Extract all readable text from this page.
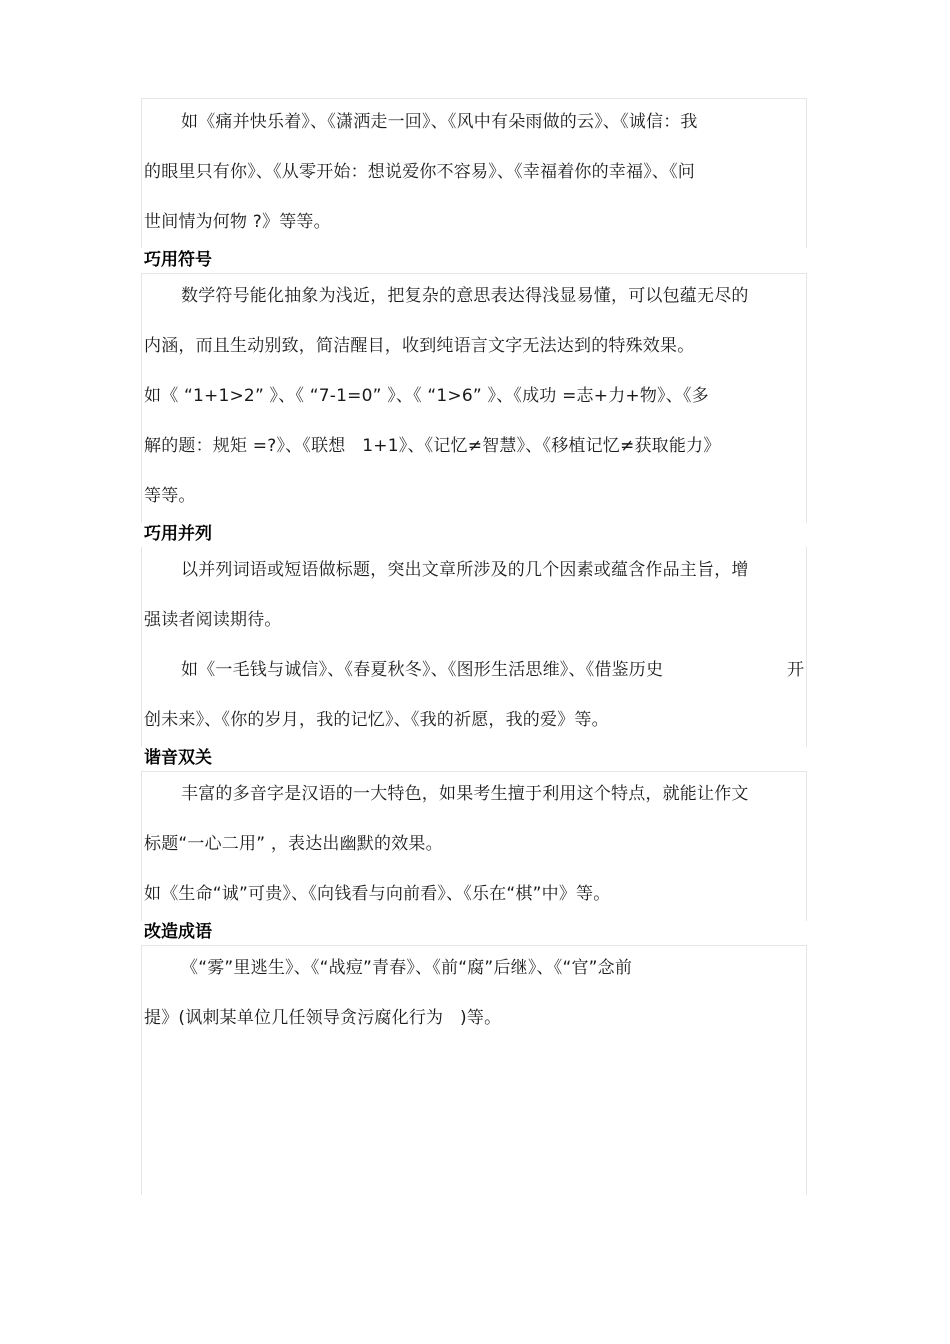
如《痛并快乐着》、《潇洒走一回》、《风中有朵雨做的云》、《诚信：我
的眼里只有你》、《从零开始：想说爱你不容易》、《幸福着你的幸福》、《问
世间情为何物 ?》等等。
巧用符号
数学符号能化抽象为浅近，把复杂的意思表达得浅显易懂，可以包蕴无尽的
内涵，而且生动别致，简洁醒目，收到纯语言文字无法达到的特殊效果。
如《 “1+1>2” 》、《 “7-1=0” 》、《 “1>6” 》、《成功 =志+力+物》、《多
解的题：规矩 =?》、《联想   1+1》、《记忆≠智慧》、《移植记忆≠获取能力》
等等。
巧用并列
以并列词语或短语做标题，突出文章所涉及的几个因素或蕴含作品主旨，增
强读者阅读期待。
如《一毛钱与诚信》、《春夏秋冬》、《图形生活思维》、《借鉴历史	开
创未来》、《你的岁月，我的记忆》、《我的祈愿，我的爱》等。
谐音双关
丰富的多音字是汉语的一大特色，如果考生擅于利用这个特点，就能让作文
标题“一心二用” ，表达出幽默的效果。
如《生命“诚”可贵》、《向钱看与向前看》、《乐在“棋”中》等。
改造成语
《“雾”里逃生》、《“战痘”青春》、《前“腐”后继》、《“官”念前
提》(讽刺某单位几任领导贪污腐化行为   )等。
